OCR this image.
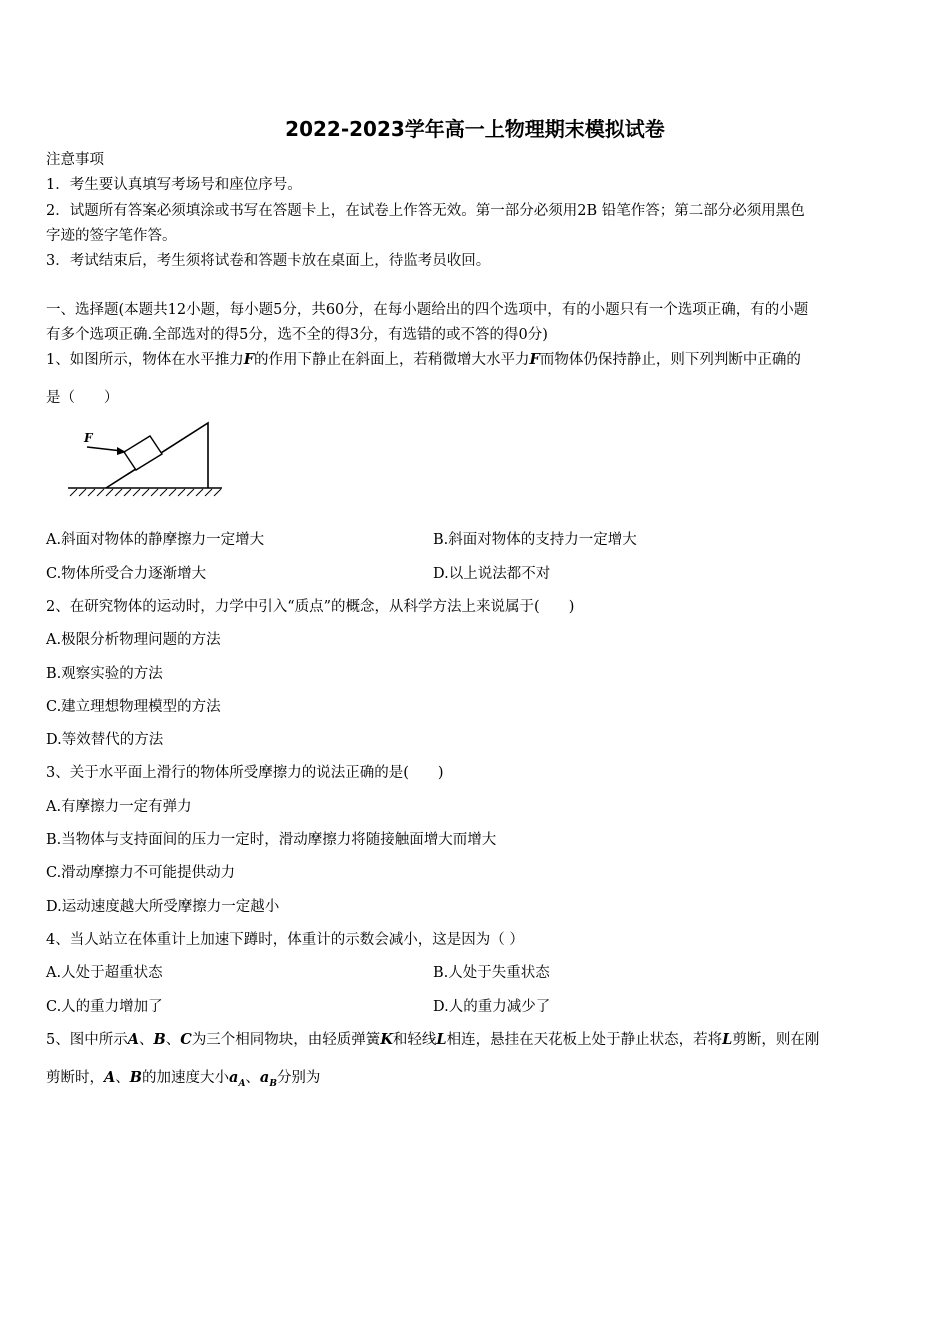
2022-2023学年高一上物理期末模拟试卷
注意事项
1．考生要认真填写考场号和座位序号。
2．试题所有答案必须填涂或书写在答题卡上，在试卷上作答无效。第一部分必须用2B 铅笔作答；第二部分必须用黑色
字迹的签字笔作答。
3．考试结束后，考生须将试卷和答题卡放在桌面上，待监考员收回。
一、选择题(本题共12小题，每小题5分，共60分，在每小题给出的四个选项中，有的小题只有一个选项正确，有的小题
有多个选项正确.全部选对的得5分，选不全的得3分，有选错的或不答的得0分)
1、如图所示，物体在水平推力F的作用下静止在斜面上，若稍微增大水平力F而物体仍保持静止，则下列判断中正确的
是（　　）
F
A.斜面对物体的静摩擦力一定增大	B.斜面对物体的支持力一定增大
C.物体所受合力逐渐增大	D.以上说法都不对
2、在研究物体的运动时，力学中引入“质点”的概念，从科学方法上来说属于(　　)
A.极限分析物理问题的方法
B.观察实验的方法
C.建立理想物理模型的方法
D.等效替代的方法
3、关于水平面上滑行的物体所受摩擦力的说法正确的是(　　)
A.有摩擦力一定有弹力
B.当物体与支持面间的压力一定时，滑动摩擦力将随接触面增大而增大
C.滑动摩擦力不可能提供动力
D.运动速度越大所受摩擦力一定越小
4、当人站立在体重计上加速下蹲时，体重计的示数会减小，这是因为（ ）
A.人处于超重状态	B.人处于失重状态
C.人的重力增加了	D.人的重力减少了
5、图中所示A、B、C为三个相同物块，由轻质弹簧K和轻线L相连，悬挂在天花板上处于静止状态，若将L剪断，则在刚
剪断时，A、B的加速度大小$a_A$、$a_B$分别为
